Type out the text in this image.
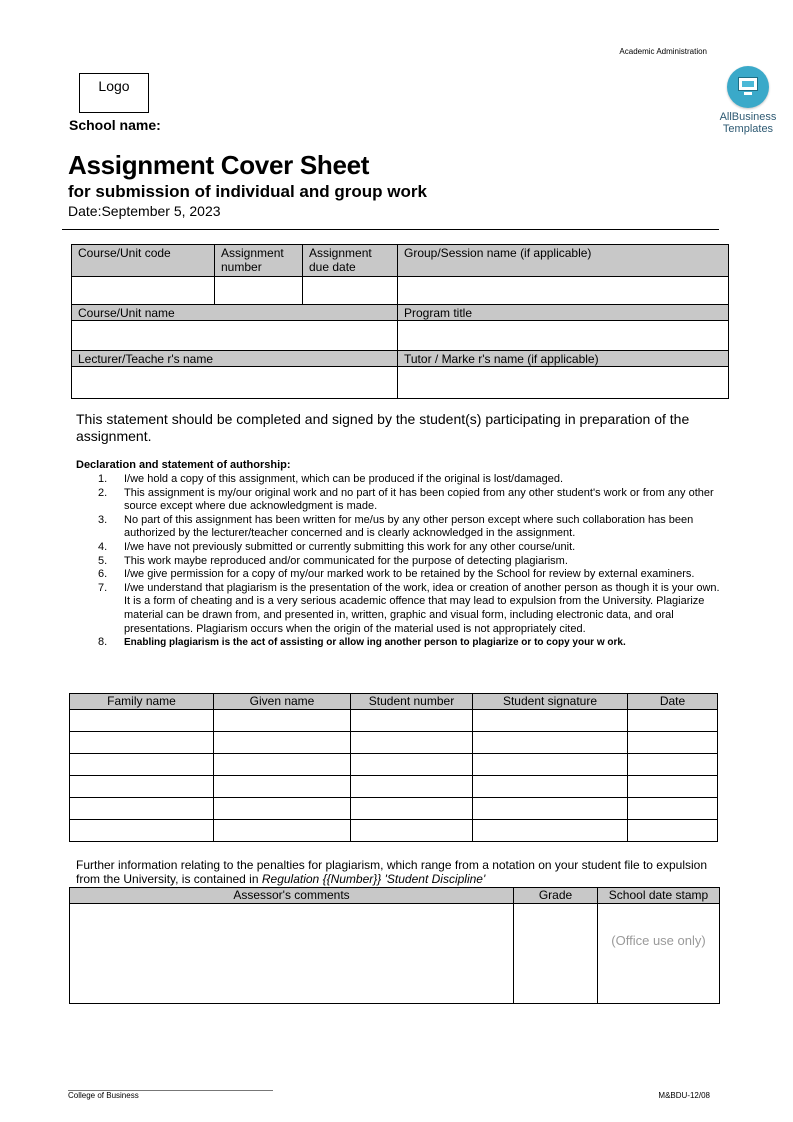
Academic Administration
Logo
School name:	AllBusiness
Templates
Assignment Cover Sheet
for submission of individual and group work
Date:September 5, 2023
Course/Unit code	Assignment number	Assignment due date	Group/Session name (if applicable)

Course/Unit name			Program title

Lecturer/Teache r's name			Tutor / Marke r's name (if applicable)

This statement should be completed and signed by the student(s) participating in preparation of the assignment.
Declaration and statement of authorship:
1. I/we hold a copy of this assignment, which can be produced if the original is lost/damaged.
2. This assignment is my/our original work and no part of it has been copied from any other student's work or from any other source except where due acknowledgment is made.
3. No part of this assignment has been written for me/us by any other person except where such collaboration has been authorized by the lecturer/teacher concerned and is clearly acknowledged in the assignment.
4. I/we have not previously submitted or currently submitting this work for any other course/unit.
5. This work maybe reproduced and/or communicated for the purpose of detecting plagiarism.
6. I/we give permission for a copy of my/our marked work to be retained by the School for review by external examiners.
7. I/we understand that plagiarism is the presentation of the work, idea or creation of another person as though it is your own. It is a form of cheating and is a very serious academic offence that may lead to expulsion from the University. Plagiarize material can be drawn from, and presented in, written, graphic and visual form, including electronic data, and oral presentations. Plagiarism occurs when the origin of the material used is not appropriately cited.
8. Enabling plagiarism is the act of assisting or allow ing another person to plagiarize or to copy your w ork.
Family name	Given name	Student number	Student signature	Date

Further information relating to the penalties for plagiarism, which range from a notation on your student file to expulsion from the University, is contained in Regulation {{Number}} 'Student Discipline'
Assessor's comments	Grade	School date stamp

		(Office use only)
College of Business	M&BDU-12/08
